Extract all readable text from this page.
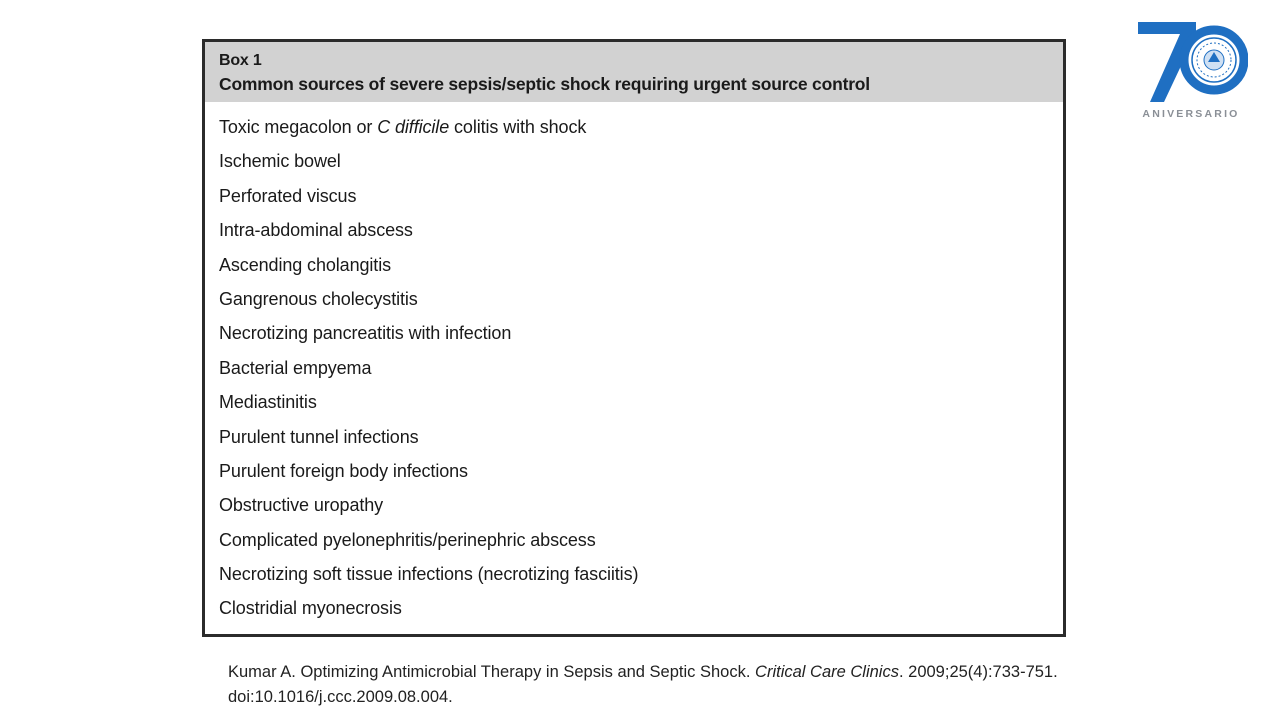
Box 1
Common sources of severe sepsis/septic shock requiring urgent source control
Toxic megacolon or C difficile colitis with shock
Ischemic bowel
Perforated viscus
Intra-abdominal abscess
Ascending cholangitis
Gangrenous cholecystitis
Necrotizing pancreatitis with infection
Bacterial empyema
Mediastinitis
Purulent tunnel infections
Purulent foreign body infections
Obstructive uropathy
Complicated pyelonephritis/perinephric abscess
Necrotizing soft tissue infections (necrotizing fasciitis)
Clostridial myonecrosis
Kumar A. Optimizing Antimicrobial Therapy in Sepsis and Septic Shock. Critical Care Clinics. 2009;25(4):733-751. doi:10.1016/j.ccc.2009.08.004.
ANIVERSARIO
